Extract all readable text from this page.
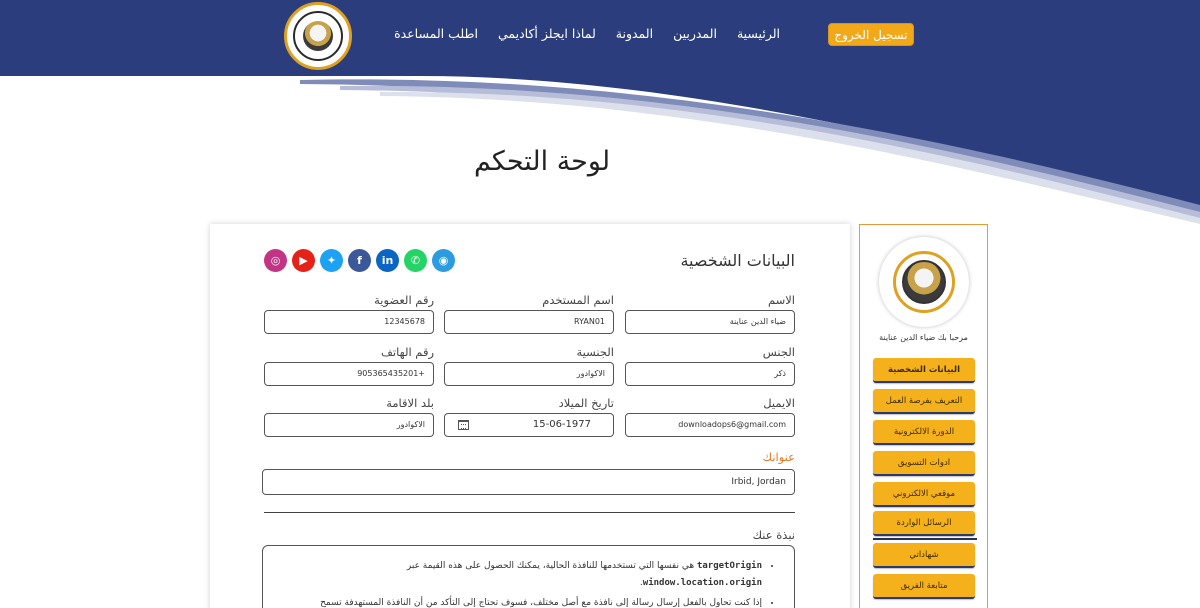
الرئيسية
المدربين
المدونة
لماذا ايجلز أكاديمي
اطلب المساعدة	تسجيل الخروج
لوحة التحكم
البيانات الشخصية
◎	▶	✦	f	in	✆	◉
الاسم
ضياء الدين عناينة
اسم المستخدم
RYAN01
رقم العضوية
12345678
الجنس
ذكر
الجنسية
الاكوادور
رقم الهاتف
905365435201+
الايميل
downloadops6@gmail.com
تاريخ الميلاد
15-06-1977
بلد الاقامة
الاكوادور
عنوانك
Irbid, Jordan
نبذة عنك
• targetOrigin هي نفسها التي تستخدمها للنافذة الحالية، يمكنك الحصول على هذه القيمة عبر window.location.origin.
• إذا كنت تحاول بالفعل إرسال رسالة إلى نافذة مع أصل مختلف، فسوف تحتاج إلى التأكد من أن النافذة المستهدفة تسمح
مرحبا بك ضياء الدين عناينة
البيانات الشخصية
التعريف بفرصة العمل
الدورة الالكترونية
ادوات التسويق
موقعي الالكتروني
الرسائل الواردة
شهاداتي
متابعة الفريق
